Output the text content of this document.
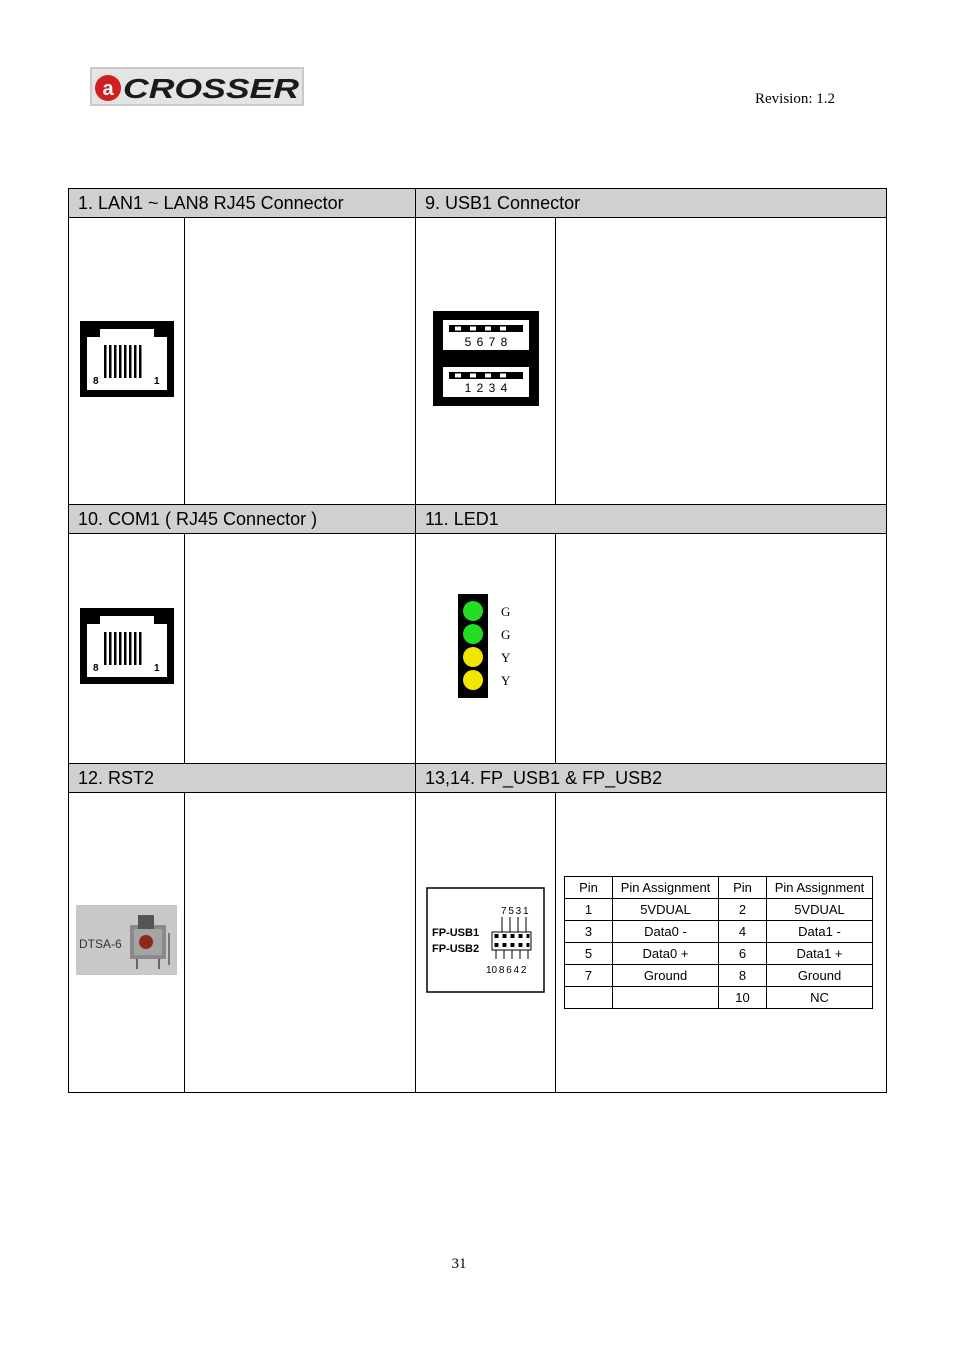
a CROSSER	Revision: 1.2
1. LAN1 ~ LAN8 RJ45 Connector	9. USB1 Connector

8	1

5 6 7 8
1 2 3 4

10. COM1 ( RJ45 Connector )	11. LED1

8	1

G
G
Y
Y

12. RST2	13,14. FP_USB1 & FP_USB2

DTSA-6

FP-USB1
FP-USB2
7 5 3 1
10 8 6 4 2

Pin	Pin Assignment	Pin	Pin Assignment
1	5VDUAL	2	5VDUAL
3	Data0 -	4	Data1 -
5	Data0 +	6	Data1 +
7	Ground	8	Ground
		10	NC
31
